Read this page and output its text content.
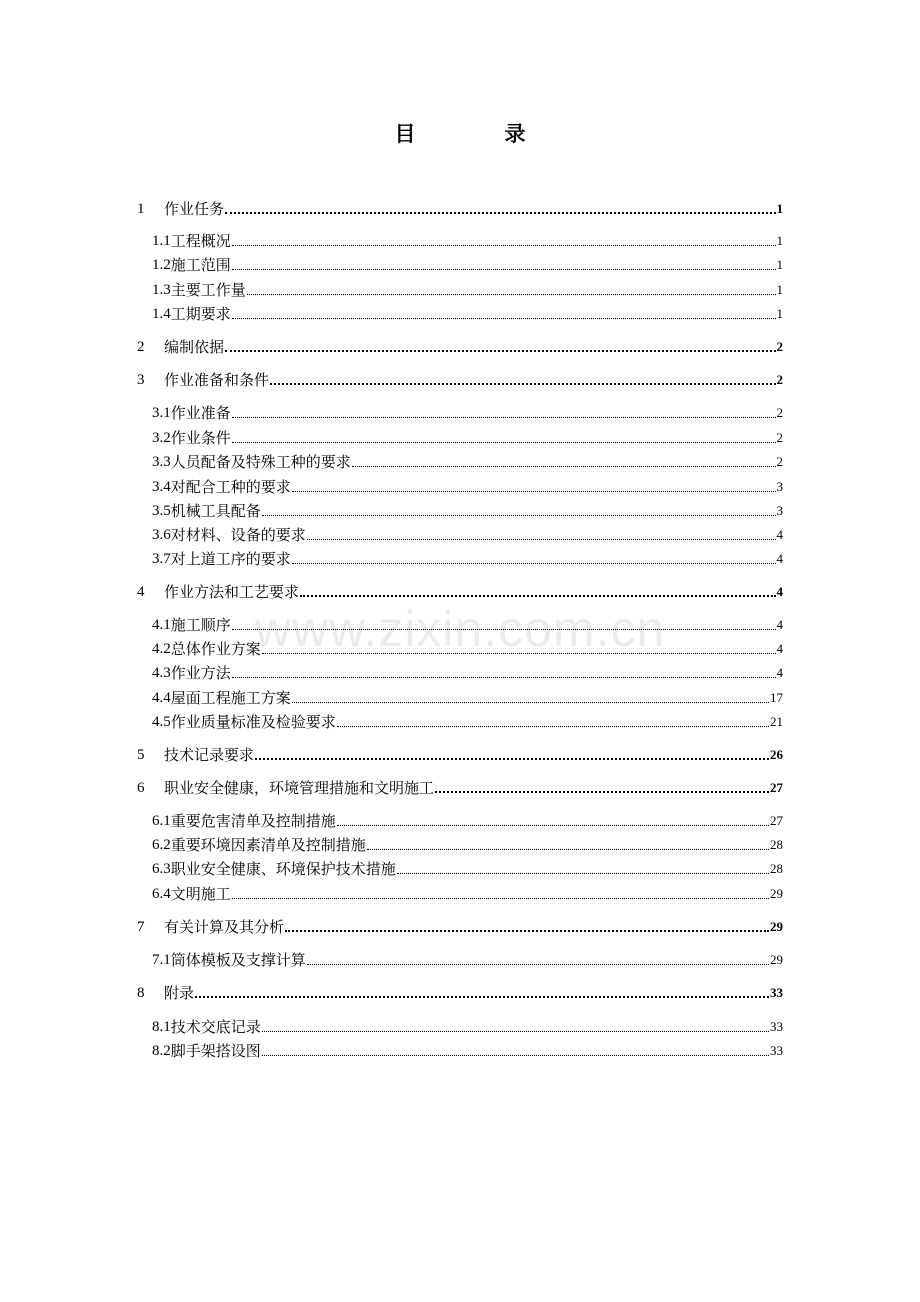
目　录
www.zixin.com.cn
1	作业任务	1
1.1 工程概况	1
1.2 施工范围	1
1.3 主要工作量	1
1.4 工期要求	1
2	编制依据	2
3	作业准备和条件	2
3.1 作业准备	2
3.2 作业条件	2
3.3 人员配备及特殊工种的要求	2
3.4 对配合工种的要求	3
3.5 机械工具配备	3
3.6 对材料、设备的要求	4
3.7 对上道工序的要求	4
4	作业方法和工艺要求	4
4.1 施工顺序	4
4.2 总体作业方案	4
4.3 作业方法	4
4.4 屋面工程施工方案	17
4.5 作业质量标准及检验要求	21
5	技术记录要求	26
6	职业安全健康，环境管理措施和文明施工	27
6.1 重要危害清单及控制措施	27
6.2 重要环境因素清单及控制措施	28
6.3 职业安全健康、环境保护技术措施	28
6.4 文明施工	29
7	有关计算及其分析	29
7.1 筒体模板及支撑计算	29
8	附录	33
8.1 技术交底记录	33
8.2 脚手架搭设图	33
